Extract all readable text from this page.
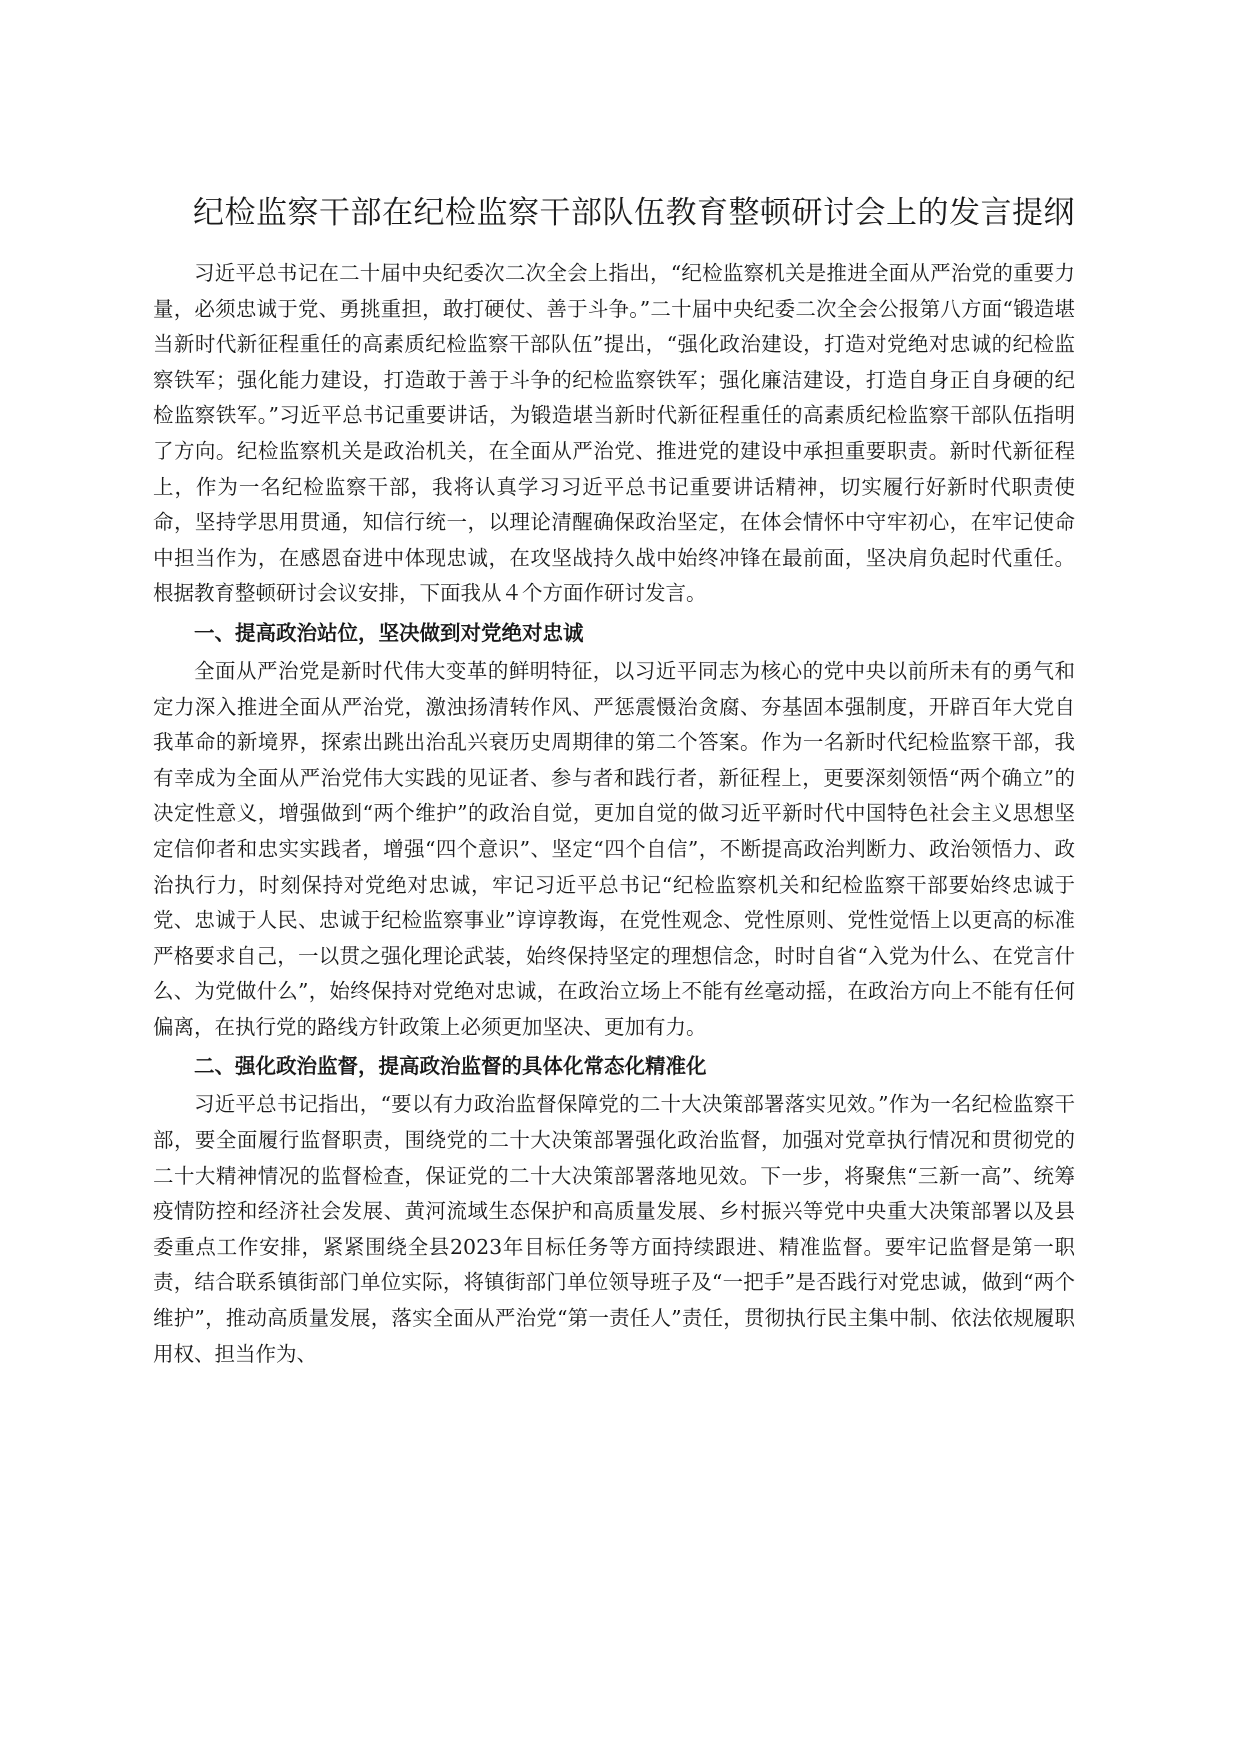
纪检监察干部在纪检监察干部队伍教育整顿研讨会上的发言提纲

习近平总书记在二十届中央纪委次二次全会上指出，“纪检监察机关是推进全面从严治党的重要力量，必须忠诚于党、勇挑重担，敢打硬仗、善于斗争。”二十届中央纪委二次全会公报第八方面“锻造堪当新时代新征程重任的高素质纪检监察干部队伍”提出，“强化政治建设，打造对党绝对忠诚的纪检监察铁军；强化能力建设，打造敢于善于斗争的纪检监察铁军；强化廉洁建设，打造自身正自身硬的纪检监察铁军。”习近平总书记重要讲话，为锻造堪当新时代新征程重任的高素质纪检监察干部队伍指明了方向。纪检监察机关是政治机关，在全面从严治党、推进党的建设中承担重要职责。新时代新征程上，作为一名纪检监察干部，我将认真学习习近平总书记重要讲话精神，切实履行好新时代职责使命，坚持学思用贯通，知信行统一，以理论清醒确保政治坚定，在体会情怀中守牢初心，在牢记使命中担当作为，在感恩奋进中体现忠诚，在攻坚战持久战中始终冲锋在最前面，坚决肩负起时代重任。根据教育整顿研讨会议安排，下面我从４个方面作研讨发言。

一、提高政治站位，坚决做到对党绝对忠诚

全面从严治党是新时代伟大变革的鲜明特征，以习近平同志为核心的党中央以前所未有的勇气和定力深入推进全面从严治党，激浊扬清转作风、严惩震慑治贪腐、夯基固本强制度，开辟百年大党自我革命的新境界，探索出跳出治乱兴衰历史周期律的第二个答案。作为一名新时代纪检监察干部，我有幸成为全面从严治党伟大实践的见证者、参与者和践行者，新征程上，更要深刻领悟“两个确立”的决定性意义，增强做到“两个维护”的政治自觉，更加自觉的做习近平新时代中国特色社会主义思想坚定信仰者和忠实实践者，增强“四个意识”、坚定“四个自信”，不断提高政治判断力、政治领悟力、政治执行力，时刻保持对党绝对忠诚，牢记习近平总书记“纪检监察机关和纪检监察干部要始终忠诚于党、忠诚于人民、忠诚于纪检监察事业”谆谆教诲，在党性观念、党性原则、党性觉悟上以更高的标准严格要求自己，一以贯之强化理论武装，始终保持坚定的理想信念，时时自省“入党为什么、在党言什么、为党做什么”，始终保持对党绝对忠诚，在政治立场上不能有丝毫动摇，在政治方向上不能有任何偏离，在执行党的路线方针政策上必须更加坚决、更加有力。

二、强化政治监督，提高政治监督的具体化常态化精准化

习近平总书记指出，“要以有力政治监督保障党的二十大决策部署落实见效。”作为一名纪检监察干部，要全面履行监督职责，围绕党的二十大决策部署强化政治监督，加强对党章执行情况和贯彻党的二十大精神情况的监督检查，保证党的二十大决策部署落地见效。下一步，将聚焦“三新一高”、统筹疫情防控和经济社会发展、黄河流域生态保护和高质量发展、乡村振兴等党中央重大决策部署以及县委重点工作安排，紧紧围绕全县2023年目标任务等方面持续跟进、精准监督。要牢记监督是第一职责，结合联系镇街部门单位实际，将镇街部门单位领导班子及“一把手”是否践行对党忠诚，做到“两个维护”，推动高质量发展，落实全面从严治党“第一责任人”责任，贯彻执行民主集中制、依法依规履职用权、担当作为、
